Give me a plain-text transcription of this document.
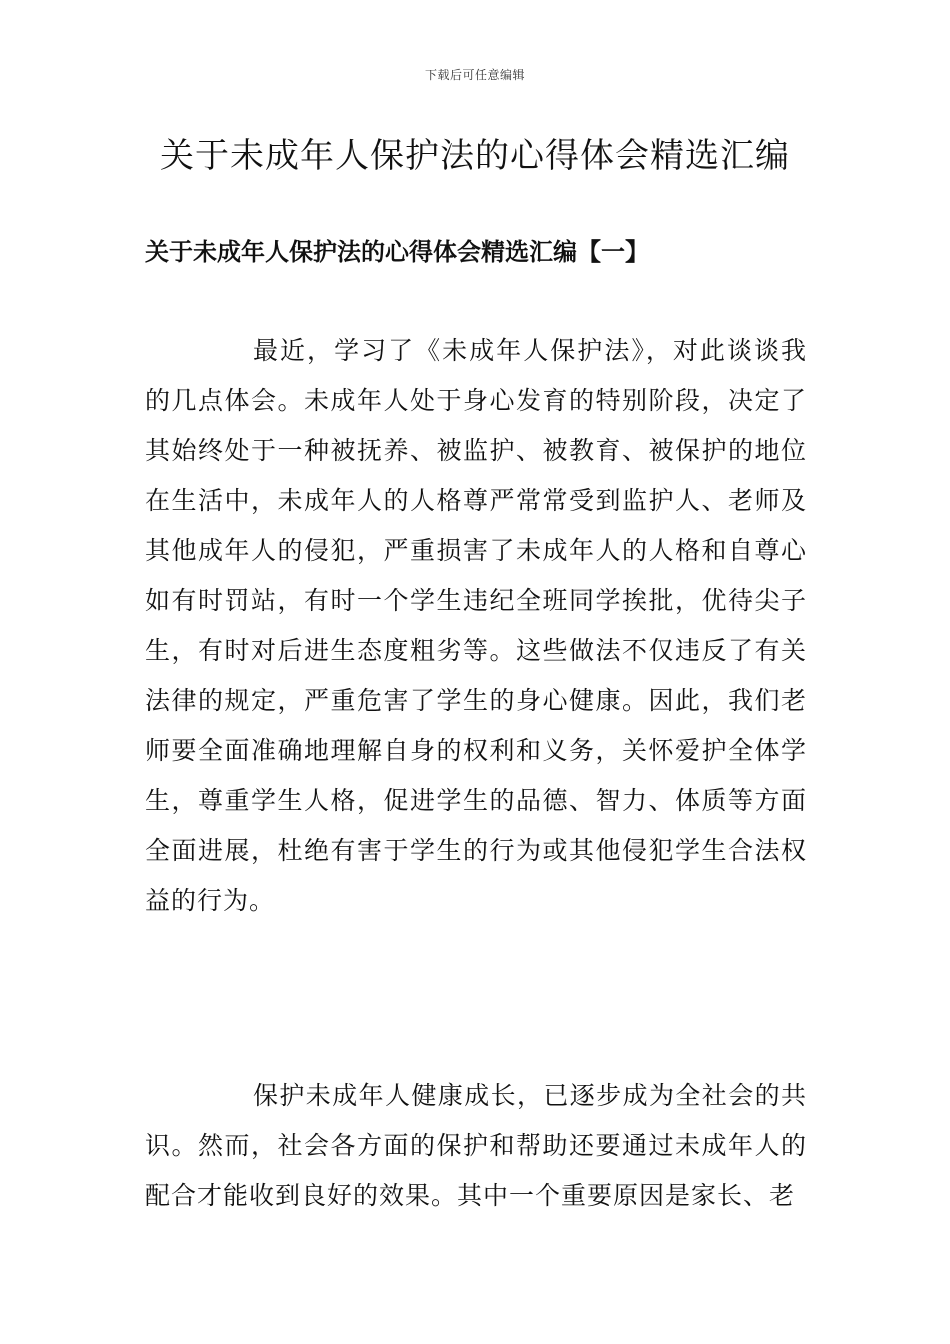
下载后可任意编辑
关于未成年人保护法的心得体会精选汇编
关于未成年人保护法的心得体会精选汇编【一】

最近，学习了《未成年人保护法》，对此谈谈我的几点体会。未成年人处于身心发育的特别阶段，决定了其始终处于一种被抚养、被监护、被教育、被保护的地位在生活中，未成年人的人格尊严常常受到监护人、老师及其他成年人的侵犯，严重损害了未成年人的人格和自尊心如有时罚站，有时一个学生违纪全班同学挨批，优待尖子生，有时对后进生态度粗劣等。这些做法不仅违反了有关法律的规定，严重危害了学生的身心健康。因此，我们老师要全面准确地理解自身的权利和义务，关怀爱护全体学生，尊重学生人格，促进学生的品德、智力、体质等方面全面进展，杜绝有害于学生的行为或其他侵犯学生合法权益的行为。

保护未成年人健康成长，已逐步成为全社会的共识。然而，社会各方面的保护和帮助还要通过未成年人的配合才能收到良好的效果。其中一个重要原因是家长、老
